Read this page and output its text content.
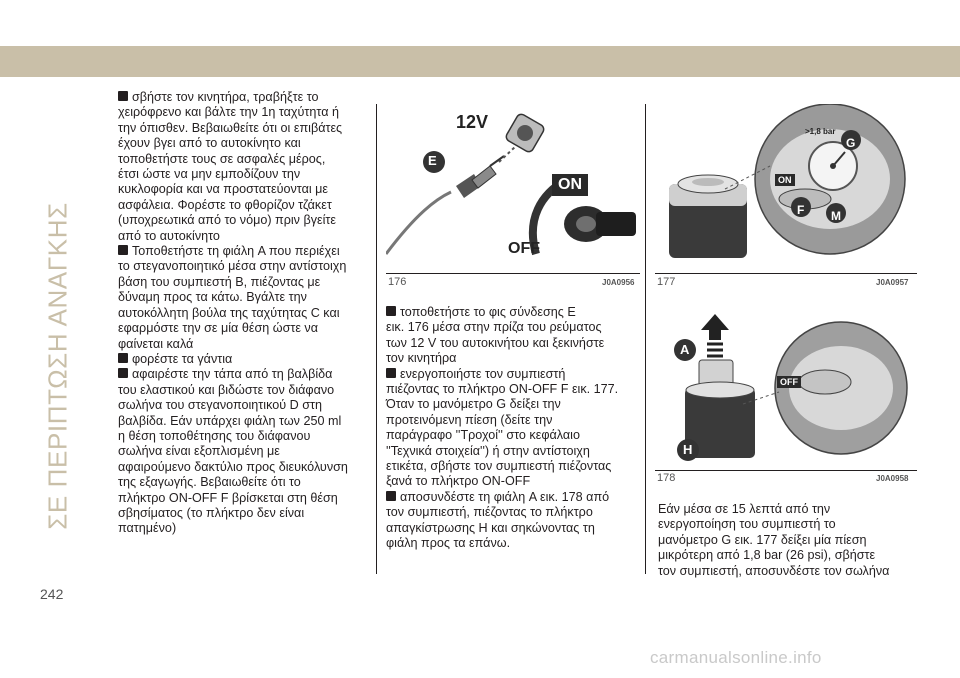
ΣΕ ΠΕΡΙΠΤΩΣΗ ΑΝΑΓΚΗΣ

σβήστε τον κινητήρα, τραβήξτε το
χειρόφρενο και βάλτε την 1η ταχύτητα ή
την όπισθεν. Βεβαιωθείτε ότι οι επιβάτες
έχουν βγει από το αυτοκίνητο και
τοποθετήστε τους σε ασφαλές μέρος,
έτσι ώστε να μην εμποδίζουν την
κυκλοφορία και να προστατεύονται με
ασφάλεια. Φορέστε το φθορίζον τζάκετ
(υποχρεωτικά από το νόμο) πριν βγείτε
από το αυτοκίνητο

Τοποθετήστε τη φιάλη A που περιέχει
το στεγανοποιητικό μέσα στην αντίστοιχη
βάση του συμπιεστή B, πιέζοντας με
δύναμη προς τα κάτω. Βγάλτε την
αυτοκόλλητη βούλα της ταχύτητας C και
εφαρμόστε την σε μία θέση ώστε να
φαίνεται καλά

φορέστε τα γάντια

αφαιρέστε την τάπα από τη βαλβίδα
του ελαστικού και βιδώστε τον διάφανο
σωλήνα του στεγανοποιητικού D στη
βαλβίδα. Εάν υπάρχει φιάλη των 250 ml
η θέση τοποθέτησης του διάφανου
σωλήνα είναι εξοπλισμένη με
αφαιρούμενο δακτύλιο προς διευκόλυνση
της εξαγωγής. Βεβαιωθείτε ότι το
πλήκτρο ON-OFF F βρίσκεται στη θέση
σβησίματος (το πλήκτρο δεν είναι
πατημένο)

12V
E
ON
OFF
176	J0A0956

τοποθετήστε το φις σύνδεσης E
εικ. 176 μέσα στην πρίζα του ρεύματος
των 12 V του αυτοκινήτου και ξεκινήστε
τον κινητήρα

ενεργοποιήστε τον συμπιεστή
πιέζοντας το πλήκτρο ON-OFF F εικ. 177.
Όταν το μανόμετρο G δείξει την
προτεινόμενη πίεση (δείτε την
παράγραφο ''Τροχοί'' στο κεφάλαιο
''Τεχνικά στοιχεία'') ή στην αντίστοιχη
ετικέτα, σβήστε τον συμπιεστή πιέζοντας
ξανά το πλήκτρο ON-OFF

αποσυνδέστε τη φιάλη A εικ. 178 από
τον συμπιεστή, πιέζοντας το πλήκτρο
απαγκίστρωσης H και σηκώνοντας τη
φιάλη προς τα επάνω.

>1,8 bar
G
ON
F M
177	J0A0957
A
OFF
H
178	J0A0958

Εάν μέσα σε 15 λεπτά από την
ενεργοποίηση του συμπιεστή το
μανόμετρο G εικ. 177 δείξει μία πίεση
μικρότερη από 1,8 bar (26 psi), σβήστε
τον συμπιεστή, αποσυνδέστε τον σωλήνα

242
carmanualsonline.info
